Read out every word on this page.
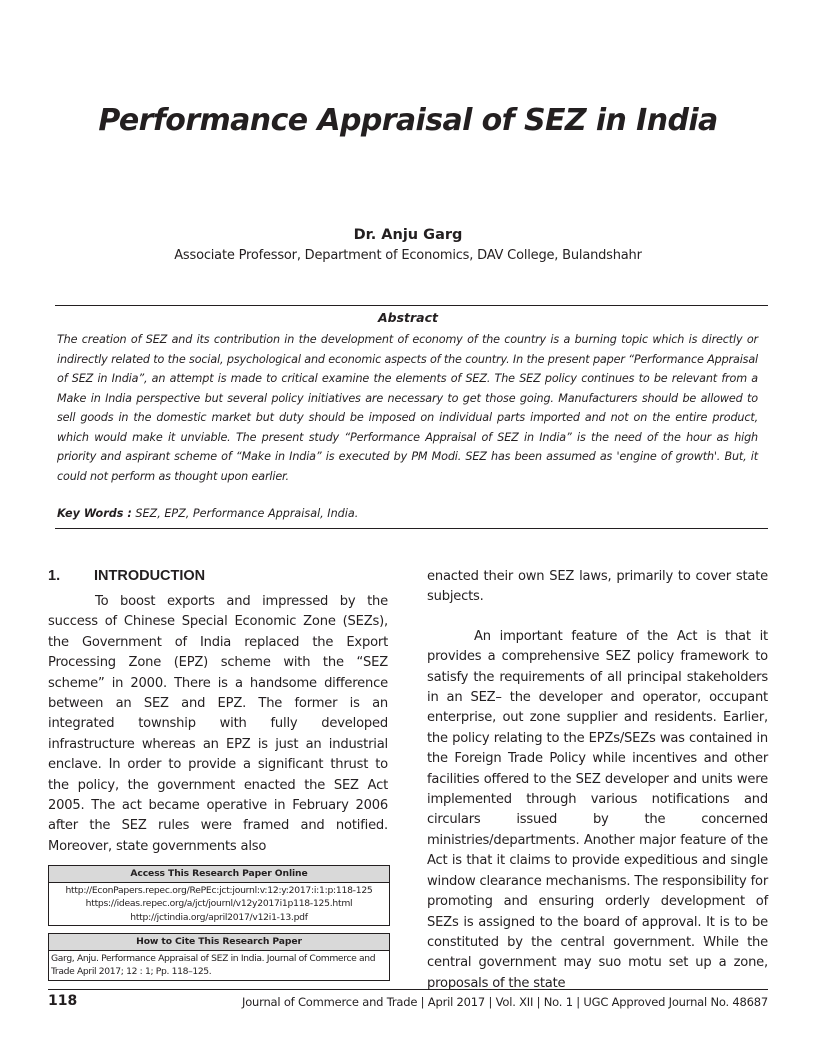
Performance Appraisal of SEZ in India
Dr. Anju Garg
Associate Professor, Department of Economics, DAV College, Bulandshahr
Abstract
The creation of SEZ and its contribution in the development of economy of the country is a burning topic which is directly or indirectly related to the social, psychological and economic aspects of the country. In the present paper “Performance Appraisal of SEZ in India”, an attempt is made to critical examine the elements of SEZ. The SEZ policy continues to be relevant from a Make in India perspective but several policy initiatives are necessary to get those going. Manufacturers should be allowed to sell goods in the domestic market but duty should be imposed on individual parts imported and not on the entire product, which would make it unviable. The present study “Performance Appraisal of SEZ in India” is the need of the hour as high priority and aspirant scheme of “Make in India” is executed by PM Modi. SEZ has been assumed as 'engine of growth'. But, it could not perform as thought upon earlier.
Key Words : SEZ, EPZ, Performance Appraisal, India.
1. INTRODUCTION

To boost exports and impressed by the success of Chinese Special Economic Zone (SEZs), the Government of India replaced the Export Processing Zone (EPZ) scheme with the “SEZ scheme” in 2000. There is a handsome difference between an SEZ and EPZ. The former is an integrated township with fully developed infrastructure whereas an EPZ is just an industrial enclave. In order to provide a significant thrust to the policy, the government enacted the SEZ Act 2005. The act became operative in February 2006 after the SEZ rules were framed and notified. Moreover, state governments also

Access This Research Paper Online
http://EconPapers.repec.org/RePEc:jct:journl:v:12:y:2017:i:1:p:118-125
https://ideas.repec.org/a/jct/journl/v12y2017i1p118-125.html
http://jctindia.org/april2017/v12i1-13.pdf
How to Cite This Research Paper
Garg, Anju. Performance Appraisal of SEZ in India. Journal of Commerce and Trade April 2017; 12 : 1; Pp. 118–125.

enacted their own SEZ laws, primarily to cover state subjects.

An important feature of the Act is that it provides a comprehensive SEZ policy framework to satisfy the requirements of all principal stakeholders in an SEZ– the developer and operator, occupant enterprise, out zone supplier and residents. Earlier, the policy relating to the EPZs/SEZs was contained in the Foreign Trade Policy while incentives and other facilities offered to the SEZ developer and units were implemented through various notifications and circulars issued by the concerned ministries/departments. Another major feature of the Act is that it claims to provide expeditious and single window clearance mechanisms. The responsibility for promoting and ensuring orderly development of SEZs is assigned to the board of approval. It is to be constituted by the central government. While the central government may suo motu set up a zone, proposals of the state

118	Journal of Commerce and Trade | April 2017 | Vol. XII | No. 1 | UGC Approved Journal No. 48687
